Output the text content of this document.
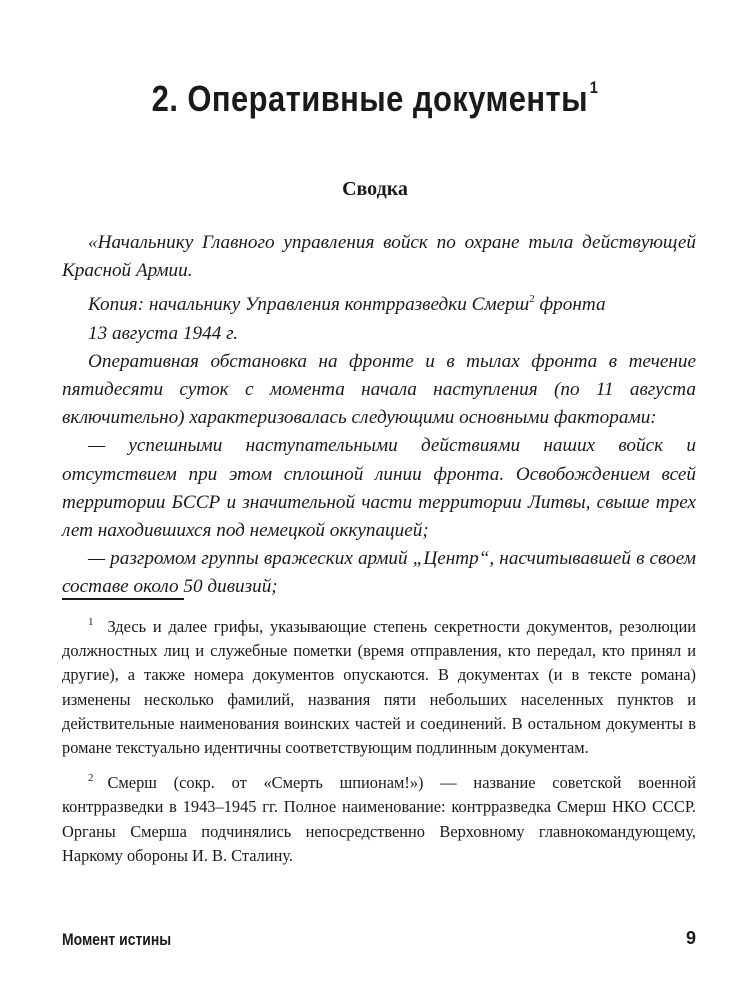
2. Оперативные документы $^1$
Сводка

«Начальнику Главного управления войск по охране тыла действующей Красной Армии.

Копия: начальнику Управления контрразведки Смерш$^2$ фронта

13 августа 1944 г.

Оперативная обстановка на фронте и в тылах фронта в течение пятидесяти суток с момента начала наступления (по 11 августа включительно) характеризовалась следующими основными факторами:

— успешными наступательными действиями наших войск и отсутствием при этом сплошной линии фронта. Освобождением всей территории БССР и значительной части территории Литвы, свыше трех лет находившихся под немецкой оккупацией;

— разгромом группы вражеских армий „Центр“, насчитывавшей в своем составе около 50 дивизий;

$^1$ Здесь и далее грифы, указывающие степень секретности документов, резолюции должностных лиц и служебные пометки (время отправления, кто передал, кто принял и другие), а также номера документов опускаются. В документах (и в тексте романа) изменены несколько фамилий, названия пяти небольших населенных пунктов и действительные наименования воинских частей и соединений. В остальном документы в романе текстуально идентичны соответствующим подлинным документам.

$^2$ Смерш (сокр. от «Смерть шпионам!») — название советской военной контрразведки в 1943–1945 гг. Полное наименование: контрразведка Смерш НКО СССР. Органы Смерша подчинялись непосредственно Верховному главнокомандующему, Наркому обороны И. В. Сталину.

Момент истины	9
